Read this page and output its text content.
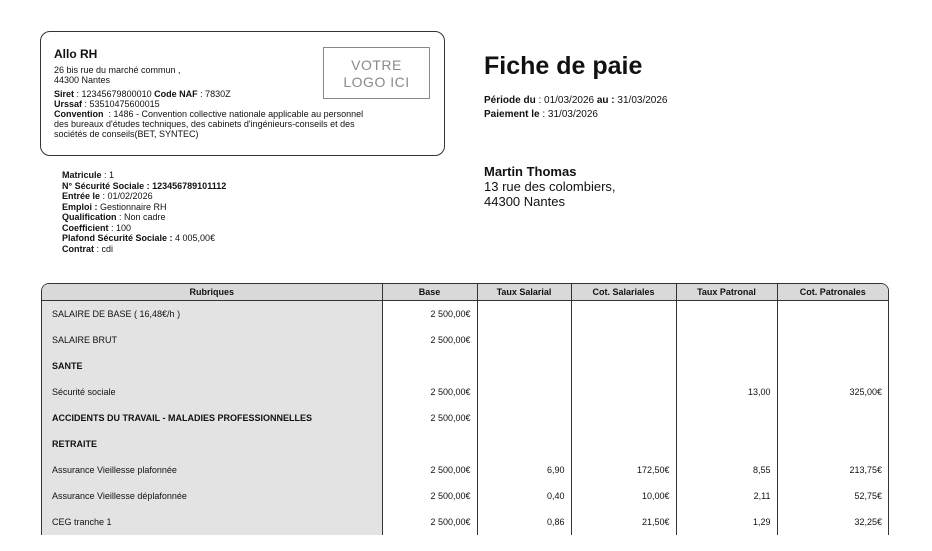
Allo RH
26 bis rue du marché commun ,
44300 Nantes
Siret : 12345679800010 Code NAF : 7830Z
Urssaf : 53510475600015
Convention  : 1486 - Convention collective nationale applicable au personnel
des bureaux d'études techniques, des cabinets d'ingénieurs-conseils et des
sociétés de conseils(BET, SYNTEC)
VOTRE
LOGO ICI
Fiche de paie
Période du : 01/03/2026 au : 31/03/2026
Paiement le : 31/03/2026
Martin Thomas
13 rue des colombiers,
44300 Nantes
Matricule : 1
N° Sécurité Sociale : 123456789101112
Entrée le : 01/02/2026
Emploi : Gestionnaire RH
Qualification : Non cadre
Coefficient : 100
Plafond Sécurité Sociale : 4 005,00€
Contrat : cdi
Rubriques	Base	Taux Salarial	Cot. Salariales	Taux Patronal	Cot. Patronales
SALAIRE DE BASE ( 16,48€/h )	2 500,00€				
SALAIRE BRUT	2 500,00€				
SANTE					
Sécurité sociale	2 500,00€			13,00	325,00€
ACCIDENTS DU TRAVAIL - MALADIES PROFESSIONNELLES	2 500,00€				
RETRAITE					
Assurance Vieillesse plafonnée	2 500,00€	6,90	172,50€	8,55	213,75€
Assurance Vieillesse déplafonnée	2 500,00€	0,40	10,00€	2,11	52,75€
CEG tranche 1	2 500,00€	0,86	21,50€	1,29	32,25€
